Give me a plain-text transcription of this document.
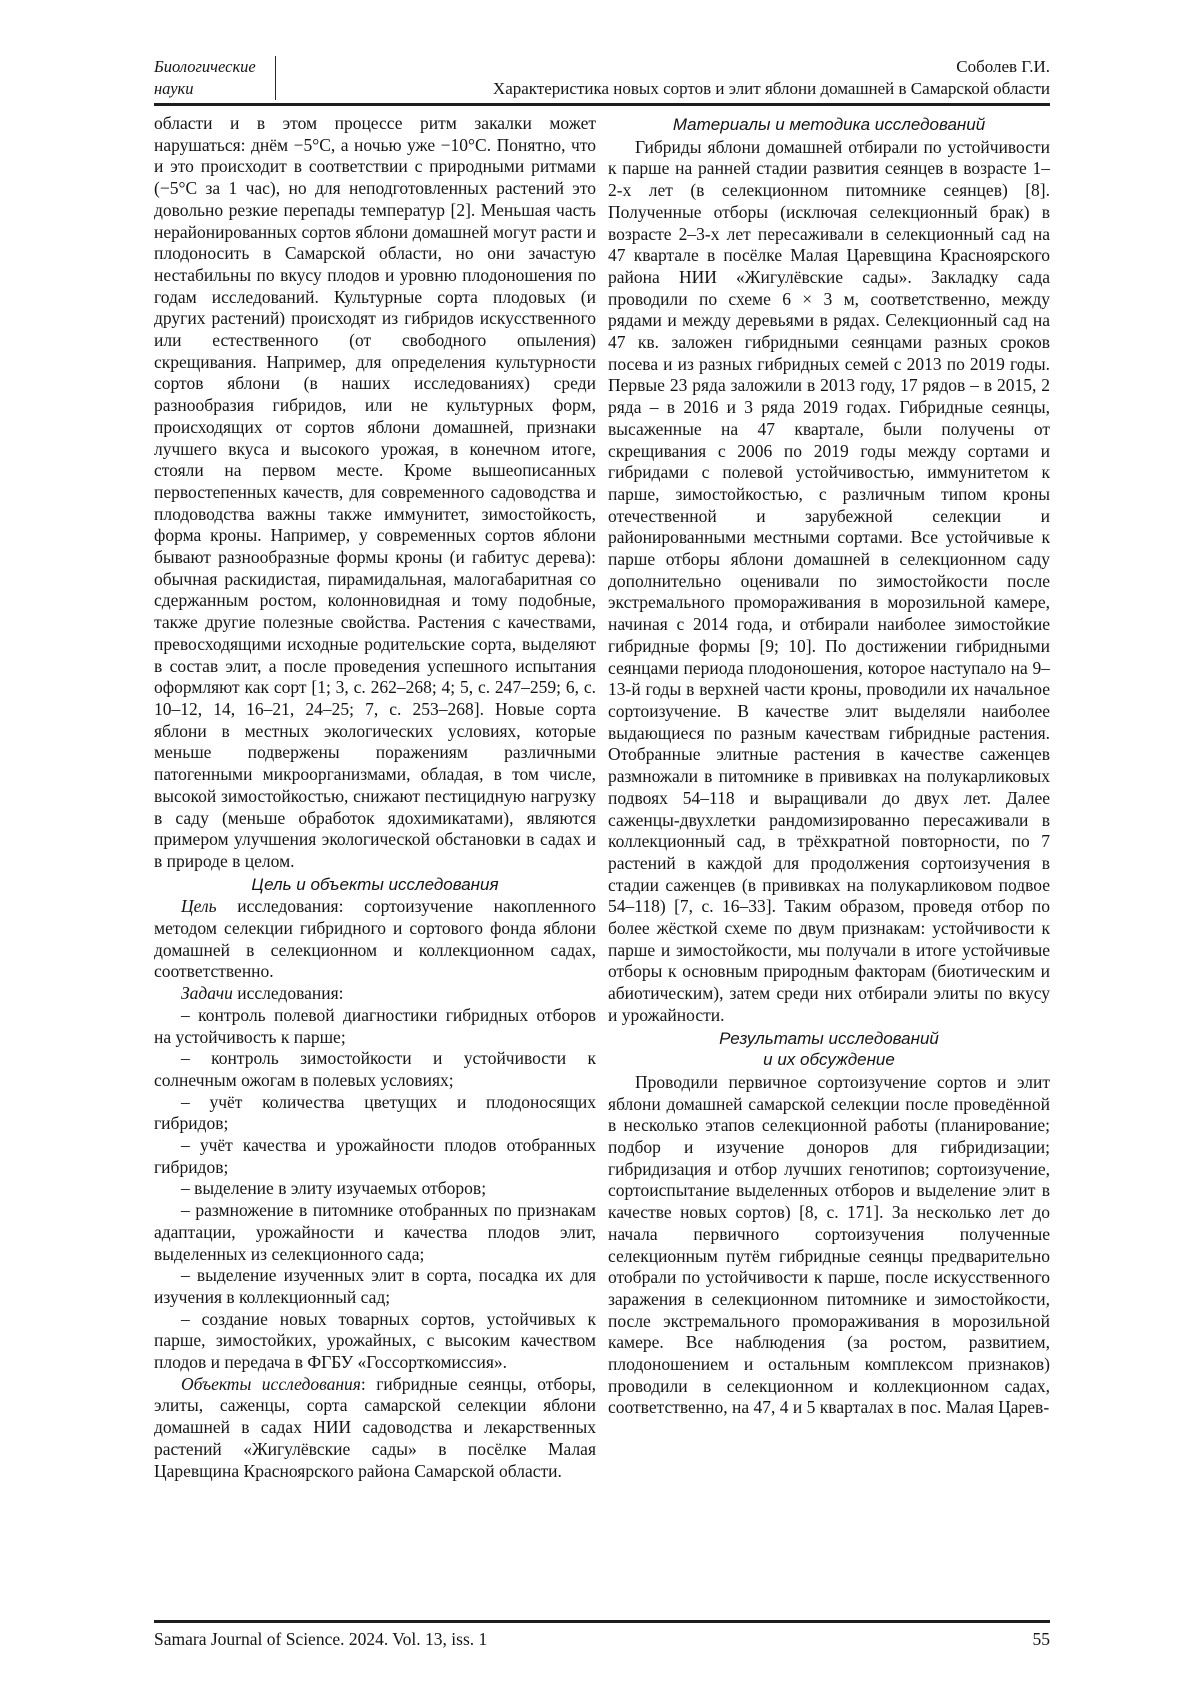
Биологические
науки
Соболев Г.И.
Характеристика новых сортов и элит яблони домашней в Самарской области

области и в этом процессе ритм закалки может нарушаться: днём −5°C, а ночью уже −10°C. Понятно, что и это происходит в соответствии с природными ритмами (−5°C за 1 час), но для неподготовленных растений это довольно резкие перепады температур [2]. Меньшая часть нерайонированных сортов яблони домашней могут расти и плодоносить в Самарской области, но они зачастую нестабильны по вкусу плодов и уровню плодоношения по годам исследований. Культурные сорта плодовых (и других растений) происходят из гибридов искусственного или естественного (от свободного опыления) скрещивания. Например, для определения культурности сортов яблони (в наших исследованиях) среди разнообразия гибридов, или не культурных форм, происходящих от сортов яблони домашней, признаки лучшего вкуса и высокого урожая, в конечном итоге, стояли на первом месте. Кроме вышеописанных первостепенных качеств, для современного садоводства и плодоводства важны также иммунитет, зимостойкость, форма кроны. Например, у современных сортов яблони бывают разнообразные формы кроны (и габитус дерева): обычная раскидистая, пирамидальная, малогабаритная со сдержанным ростом, колонновидная и тому подобные, также другие полезные свойства. Растения с качествами, превосходящими исходные родительские сорта, выделяют в состав элит, а после проведения успешного испытания оформляют как сорт [1; 3, с. 262–268; 4; 5, с. 247–259; 6, с. 10–12, 14, 16–21, 24–25; 7, с. 253–268]. Новые сорта яблони в местных экологических условиях, которые меньше подвержены поражениям различными патогенными микроорганизмами, обладая, в том числе, высокой зимостойкостью, снижают пестицидную нагрузку в саду (меньше обработок ядохимикатами), являются примером улучшения экологической обстановки в садах и в природе в целом.

Цель и объекты исследования

Цель исследования: сортоизучение накопленного методом селекции гибридного и сортового фонда яблони домашней в селекционном и коллекционном садах, соответственно.

Задачи исследования:

– контроль полевой диагностики гибридных отборов на устойчивость к парше;

– контроль зимостойкости и устойчивости к солнечным ожогам в полевых условиях;

– учёт количества цветущих и плодоносящих гибридов;

– учёт качества и урожайности плодов отобранных гибридов;

– выделение в элиту изучаемых отборов;

– размножение в питомнике отобранных по признакам адаптации, урожайности и качества плодов элит, выделенных из селекционного сада;

– выделение изученных элит в сорта, посадка их для изучения в коллекционный сад;

– создание новых товарных сортов, устойчивых к парше, зимостойких, урожайных, с высоким качеством плодов и передача в ФГБУ «Госсорткомиссия».

Объекты исследования: гибридные сеянцы, отборы, элиты, саженцы, сорта самарской селекции яблони домашней в садах НИИ садоводства и лекарственных растений «Жигулёвские сады» в посёлке Малая Царевщина Красноярского района Самарской области.

Материалы и методика исследований

Гибриды яблони домашней отбирали по устойчивости к парше на ранней стадии развития сеянцев в возрасте 1–2-х лет (в селекционном питомнике сеянцев) [8]. Полученные отборы (исключая селекционный брак) в возрасте 2–3-х лет пересаживали в селекционный сад на 47 квартале в посёлке Малая Царевщина Красноярского района НИИ «Жигулёвские сады». Закладку сада проводили по схеме 6 × 3 м, соответственно, между рядами и между деревьями в рядах. Селекционный сад на 47 кв. заложен гибридными сеянцами разных сроков посева и из разных гибридных семей с 2013 по 2019 годы. Первые 23 ряда заложили в 2013 году, 17 рядов – в 2015, 2 ряда – в 2016 и 3 ряда 2019 годах. Гибридные сеянцы, высаженные на 47 квартале, были получены от скрещивания с 2006 по 2019 годы между сортами и гибридами с полевой устойчивостью, иммунитетом к парше, зимостойкостью, с различным типом кроны отечественной и зарубежной селекции и районированными местными сортами. Все устойчивые к парше отборы яблони домашней в селекционном саду дополнительно оценивали по зимостойкости после экстремального промораживания в морозильной камере, начиная с 2014 года, и отбирали наиболее зимостойкие гибридные формы [9; 10]. По достижении гибридными сеянцами периода плодоношения, которое наступало на 9–13-й годы в верхней части кроны, проводили их начальное сортоизучение. В качестве элит выделяли наиболее выдающиеся по разным качествам гибридные растения. Отобранные элитные растения в качестве саженцев размножали в питомнике в прививках на полукарликовых подвоях 54–118 и выращивали до двух лет. Далее саженцы-двухлетки рандомизированно пересаживали в коллекционный сад, в трёхкратной повторности, по 7 растений в каждой для продолжения сортоизучения в стадии саженцев (в прививках на полукарликовом подвое 54–118) [7, с. 16–33]. Таким образом, проведя отбор по более жёсткой схеме по двум признакам: устойчивости к парше и зимостойкости, мы получали в итоге устойчивые отборы к основным природным факторам (биотическим и абиотическим), затем среди них отбирали элиты по вкусу и урожайности.

Результаты исследований
и их обсуждение

Проводили первичное сортоизучение сортов и элит яблони домашней самарской селекции после проведённой в несколько этапов селекционной работы (планирование; подбор и изучение доноров для гибридизации; гибридизация и отбор лучших генотипов; сортоизучение, сортоиспытание выделенных отборов и выделение элит в качестве новых сортов) [8, с. 171]. За несколько лет до начала первичного сортоизучения полученные селекционным путём гибридные сеянцы предварительно отобрали по устойчивости к парше, после искусственного заражения в селекционном питомнике и зимостойкости, после экстремального промораживания в морозильной камере. Все наблюдения (за ростом, развитием, плодоношением и остальным комплексом признаков) проводили в селекционном и коллекционном садах, соответственно, на 47, 4 и 5 кварталах в пос. Малая Царев-

Samara Journal of Science. 2024. Vol. 13, iss. 1	55
